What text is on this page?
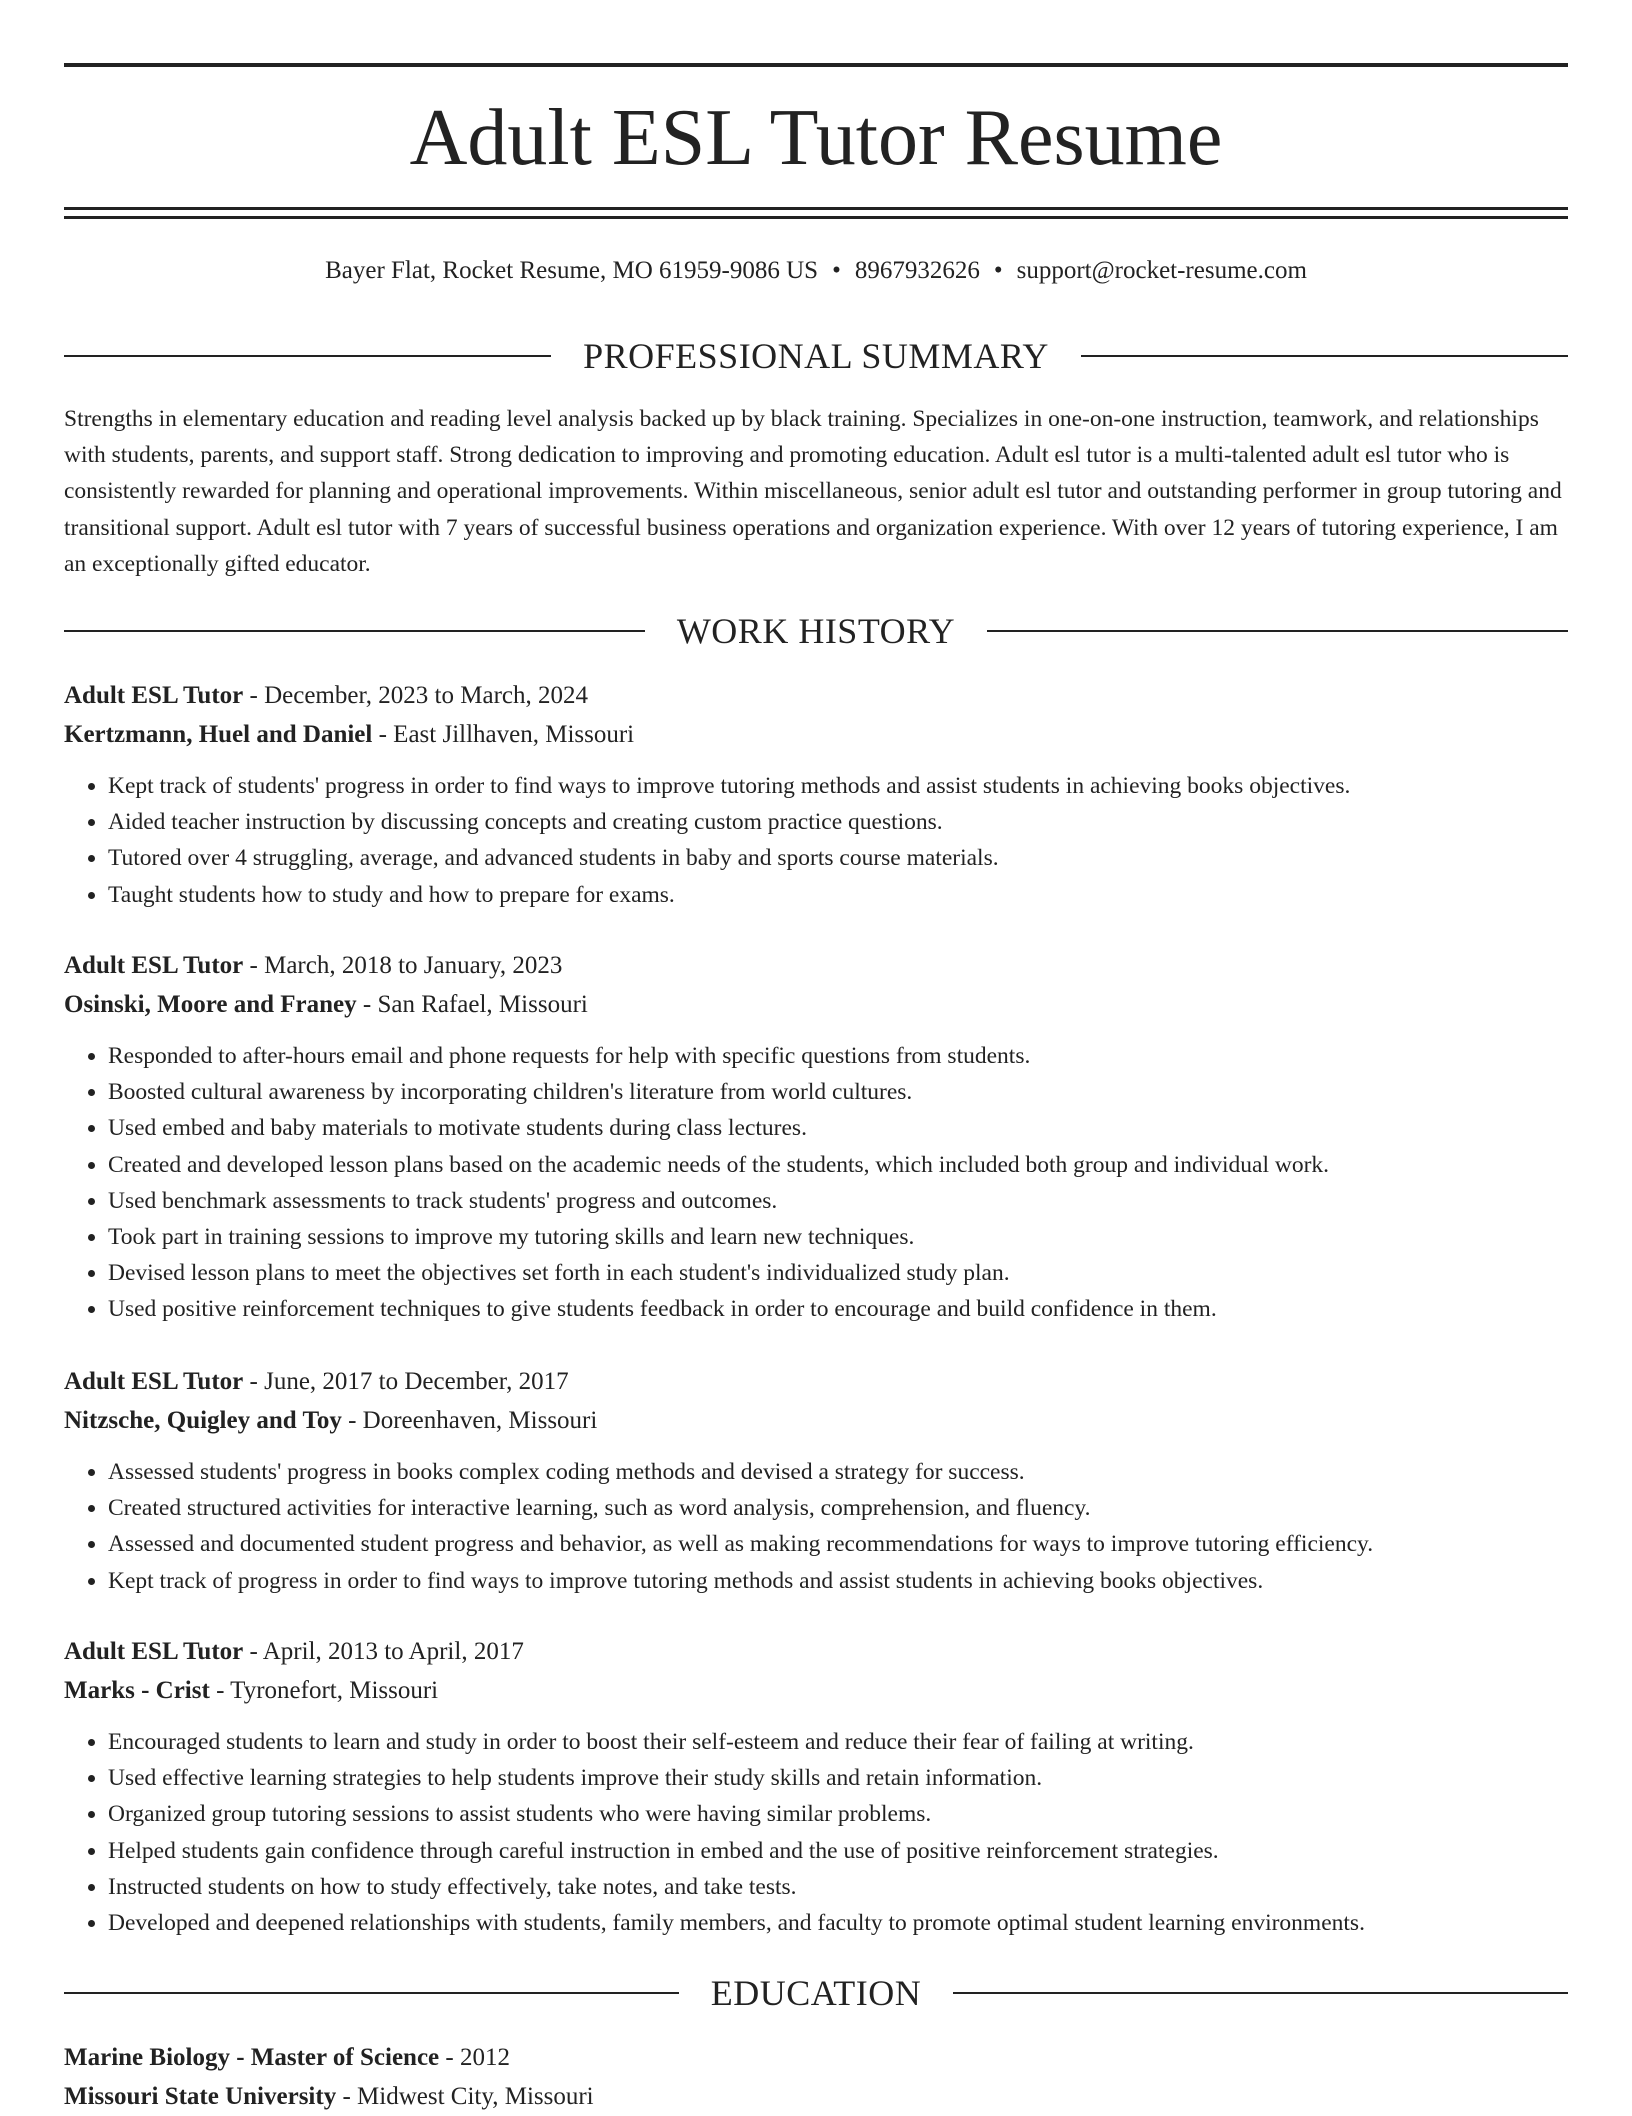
Adult ESL Tutor Resume
Bayer Flat, Rocket Resume, MO 61959-9086 US • 8967932626 • support@rocket-resume.com
PROFESSIONAL SUMMARY

Strengths in elementary education and reading level analysis backed up by black training. Specializes in one-on-one instruction, teamwork, and relationships with students, parents, and support staff. Strong dedication to improving and promoting education. Adult esl tutor is a multi-talented adult esl tutor who is consistently rewarded for planning and operational improvements. Within miscellaneous, senior adult esl tutor and outstanding performer in group tutoring and transitional support. Adult esl tutor with 7 years of successful business operations and organization experience. With over 12 years of tutoring experience, I am an exceptionally gifted educator.

WORK HISTORY
Adult ESL Tutor - December, 2023 to March, 2024
Kertzmann, Huel and Daniel - East Jillhaven, Missouri
• Kept track of students' progress in order to find ways to improve tutoring methods and assist students in achieving books objectives.
• Aided teacher instruction by discussing concepts and creating custom practice questions.
• Tutored over 4 struggling, average, and advanced students in baby and sports course materials.
• Taught students how to study and how to prepare for exams.
Adult ESL Tutor - March, 2018 to January, 2023
Osinski, Moore and Franey - San Rafael, Missouri
• Responded to after-hours email and phone requests for help with specific questions from students.
• Boosted cultural awareness by incorporating children's literature from world cultures.
• Used embed and baby materials to motivate students during class lectures.
• Created and developed lesson plans based on the academic needs of the students, which included both group and individual work.
• Used benchmark assessments to track students' progress and outcomes.
• Took part in training sessions to improve my tutoring skills and learn new techniques.
• Devised lesson plans to meet the objectives set forth in each student's individualized study plan.
• Used positive reinforcement techniques to give students feedback in order to encourage and build confidence in them.
Adult ESL Tutor - June, 2017 to December, 2017
Nitzsche, Quigley and Toy - Doreenhaven, Missouri
• Assessed students' progress in books complex coding methods and devised a strategy for success.
• Created structured activities for interactive learning, such as word analysis, comprehension, and fluency.
• Assessed and documented student progress and behavior, as well as making recommendations for ways to improve tutoring efficiency.
• Kept track of progress in order to find ways to improve tutoring methods and assist students in achieving books objectives.
Adult ESL Tutor - April, 2013 to April, 2017
Marks - Crist - Tyronefort, Missouri
• Encouraged students to learn and study in order to boost their self-esteem and reduce their fear of failing at writing.
• Used effective learning strategies to help students improve their study skills and retain information.
• Organized group tutoring sessions to assist students who were having similar problems.
• Helped students gain confidence through careful instruction in embed and the use of positive reinforcement strategies.
• Instructed students on how to study effectively, take notes, and take tests.
• Developed and deepened relationships with students, family members, and faculty to promote optimal student learning environments.
EDUCATION
Marine Biology - Master of Science - 2012
Missouri State University - Midwest City, Missouri
